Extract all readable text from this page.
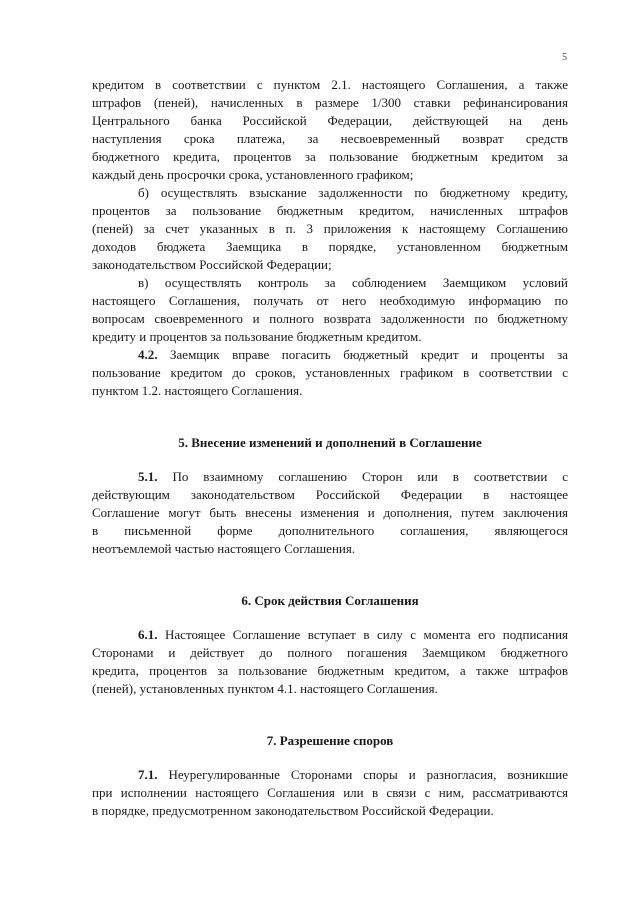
5
кредитом в соответствии с пунктом 2.1. настоящего Соглашения, а также
штрафов (пеней), начисленных в размере 1/300 ставки рефинансирования
Центрального банка Российской Федерации, действующей на день
наступления срока платежа, за несвоевременный возврат средств
бюджетного кредита, процентов за пользование бюджетным кредитом за
каждый день просрочки срока, установленного графиком;
б) осуществлять взыскание задолженности по бюджетному кредиту,
процентов за пользование бюджетным кредитом, начисленных штрафов
(пеней) за счет указанных в п. 3 приложения к настоящему Соглашению
доходов бюджета Заемщика в порядке, установленном бюджетным
законодательством Российской Федерации;
в) осуществлять контроль за соблюдением Заемщиком условий
настоящего Соглашения, получать от него необходимую информацию по
вопросам своевременного и полного возврата задолженности по бюджетному
кредиту и процентов за пользование бюджетным кредитом.
4.2. Заемщик вправе погасить бюджетный кредит и проценты за
пользование кредитом до сроков, установленных графиком в соответствии с
пунктом 1.2. настоящего Соглашения.
5. Внесение изменений и дополнений в Соглашение
5.1. По взаимному соглашению Сторон или в соответствии с
действующим законодательством Российской Федерации в настоящее
Соглашение могут быть внесены изменения и дополнения, путем заключения
в письменной форме дополнительного соглашения, являющегося
неотъемлемой частью настоящего Соглашения.
6. Срок действия Соглашения
6.1. Настоящее Соглашение вступает в силу с момента его подписания
Сторонами и действует до полного погашения Заемщиком бюджетного
кредита, процентов за пользование бюджетным кредитом, а также штрафов
(пеней), установленных пунктом 4.1. настоящего Соглашения.
7. Разрешение споров
7.1. Неурегулированные Сторонами споры и разногласия, возникшие
при исполнении настоящего Соглашения или в связи с ним, рассматриваются
в порядке, предусмотренном законодательством Российской Федерации.
